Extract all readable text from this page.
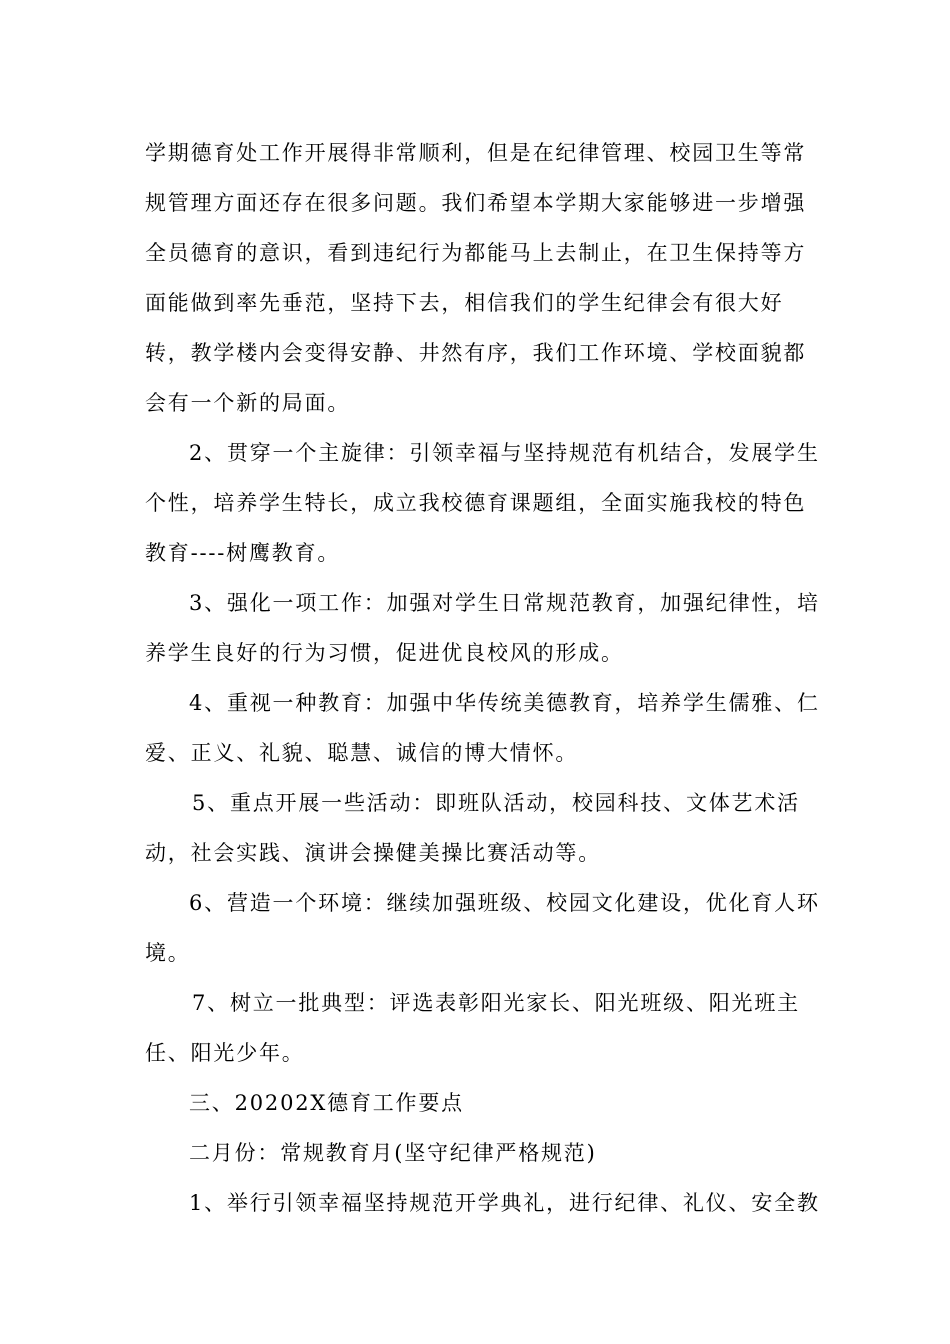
学期德育处工作开展得非常顺利，但是在纪律管理、校园卫生等常
规管理方面还存在很多问题。我们希望本学期大家能够进一步增强
全员德育的意识，看到违纪行为都能马上去制止，在卫生保持等方
面能做到率先垂范，坚持下去，相信我们的学生纪律会有很大好
转，教学楼内会变得安静、井然有序，我们工作环境、学校面貌都
会有一个新的局面。
2、贯穿一个主旋律：引领幸福与坚持规范有机结合，发展学生
个性，培养学生特长，成立我校德育课题组，全面实施我校的特色
教育----树鹰教育。
3、强化一项工作：加强对学生日常规范教育，加强纪律性，培
养学生良好的行为习惯，促进优良校风的形成。
4、重视一种教育：加强中华传统美德教育，培养学生儒雅、仁
爱、正义、礼貌、聪慧、诚信的博大情怀。
5、重点开展一些活动：即班队活动，校园科技、文体艺术活
动，社会实践、演讲会操健美操比赛活动等。
6、营造一个环境：继续加强班级、校园文化建设，优化育人环
境。
7、树立一批典型：评选表彰阳光家长、阳光班级、阳光班主
任、阳光少年。
三、20202X德育工作要点
二月份：常规教育月(坚守纪律严格规范)
1、举行引领幸福坚持规范开学典礼，进行纪律、礼仪、安全教
